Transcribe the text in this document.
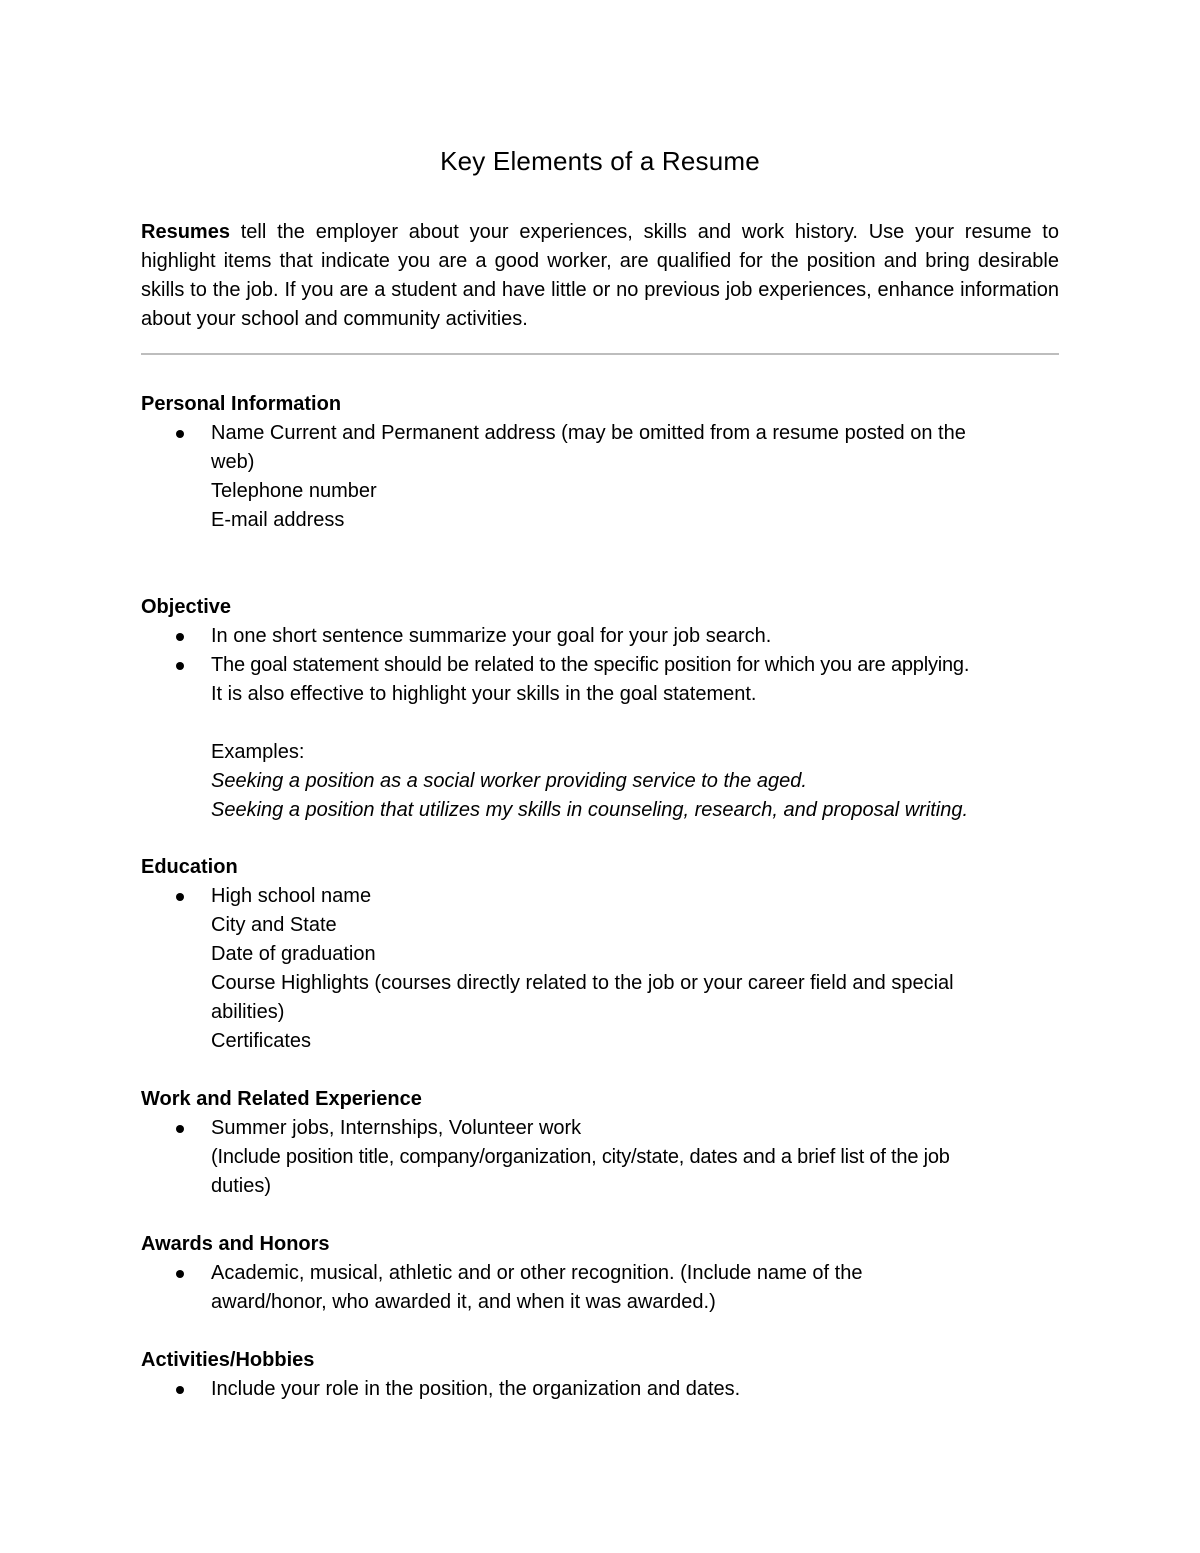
Key Elements of a Resume

Resumes tell the employer about your experiences, skills and work history. Use your resume to highlight items that indicate you are a good worker, are qualified for the position and bring desirable skills to the job. If you are a student and have little or no previous job experiences, enhance information about your school and community activities.

Personal Information
Name Current and Permanent address (may be omitted from a resume posted on the
web)
Telephone number
E-mail address
Objective
In one short sentence summarize your goal for your job search.
The goal statement should be related to the specific position for which you are applying.
It is also effective to highlight your skills in the goal statement.
Examples:
Seeking a position as a social worker providing service to the aged.
Seeking a position that utilizes my skills in counseling, research, and proposal writing.
Education
High school name
City and State
Date of graduation
Course Highlights (courses directly related to the job or your career field and special
abilities)
Certificates
Work and Related Experience
Summer jobs, Internships, Volunteer work
(Include position title, company/organization, city/state, dates and a brief list of the job
duties)
Awards and Honors
Academic, musical, athletic and or other recognition. (Include name of the
award/honor, who awarded it, and when it was awarded.)
Activities/Hobbies
Include your role in the position, the organization and dates.
